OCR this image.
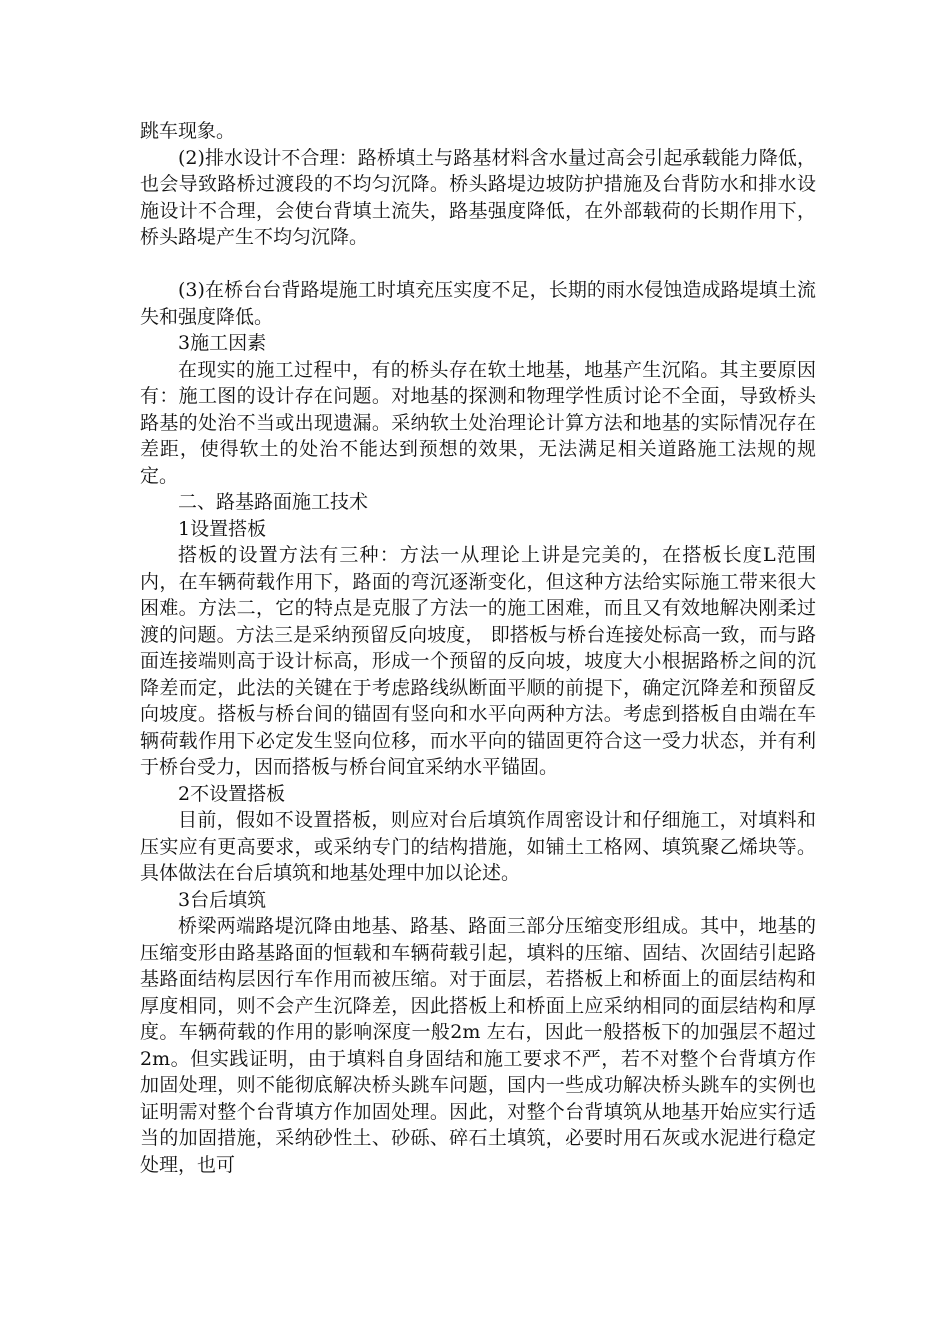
跳车现象。

(2)排水设计不合理：路桥填土与路基材料含水量过高会引起承载能力降低，也会导致路桥过渡段的不均匀沉降。桥头路堤边坡防护措施及台背防水和排水设施设计不合理，会使台背填土流失，路基强度降低，在外部载荷的长期作用下，桥头路堤产生不均匀沉降。

(3)在桥台台背路堤施工时填充压实度不足，长期的雨水侵蚀造成路堤填土流失和强度降低。

3施工因素

在现实的施工过程中，有的桥头存在软土地基，地基产生沉陷。其主要原因有：施工图的设计存在问题。对地基的探测和物理学性质讨论不全面，导致桥头路基的处治不当或出现遗漏。采纳软土处治理论计算方法和地基的实际情况存在差距，使得软土的处治不能达到预想的效果，无法满足相关道路施工法规的规定。

二、路基路面施工技术

1设置搭板

搭板的设置方法有三种：方法一从理论上讲是完美的，在搭板长度L范围内，在车辆荷载作用下，路面的弯沉逐渐变化，但这种方法给实际施工带来很大困难。方法二，它的特点是克服了方法一的施工困难，而且又有效地解决刚柔过渡的问题。方法三是采纳预留反向坡度， 即搭板与桥台连接处标高一致，而与路面连接端则高于设计标高，形成一个预留的反向坡，坡度大小根据路桥之间的沉降差而定，此法的关键在于考虑路线纵断面平顺的前提下，确定沉降差和预留反向坡度。搭板与桥台间的锚固有竖向和水平向两种方法。考虑到搭板自由端在车辆荷载作用下必定发生竖向位移，而水平向的锚固更符合这一受力状态，并有利于桥台受力，因而搭板与桥台间宜采纳水平锚固。

2不设置搭板

目前，假如不设置搭板，则应对台后填筑作周密设计和仔细施工，对填料和压实应有更高要求，或采纳专门的结构措施，如铺土工格网、填筑聚乙烯块等。具体做法在台后填筑和地基处理中加以论述。

3台后填筑

桥梁两端路堤沉降由地基、路基、路面三部分压缩变形组成。其中，地基的压缩变形由路基路面的恒载和车辆荷载引起，填料的压缩、固结、次固结引起路基路面结构层因行车作用而被压缩。对于面层，若搭板上和桥面上的面层结构和厚度相同，则不会产生沉降差，因此搭板上和桥面上应采纳相同的面层结构和厚度。车辆荷载的作用的影响深度一般2m 左右，因此一般搭板下的加强层不超过2m。但实践证明，由于填料自身固结和施工要求不严，若不对整个台背填方作加固处理，则不能彻底解决桥头跳车问题，国内一些成功解决桥头跳车的实例也证明需对整个台背填方作加固处理。因此，对整个台背填筑从地基开始应实行适当的加固措施，采纳砂性土、砂砾、碎石土填筑，必要时用石灰或水泥进行稳定处理，也可
